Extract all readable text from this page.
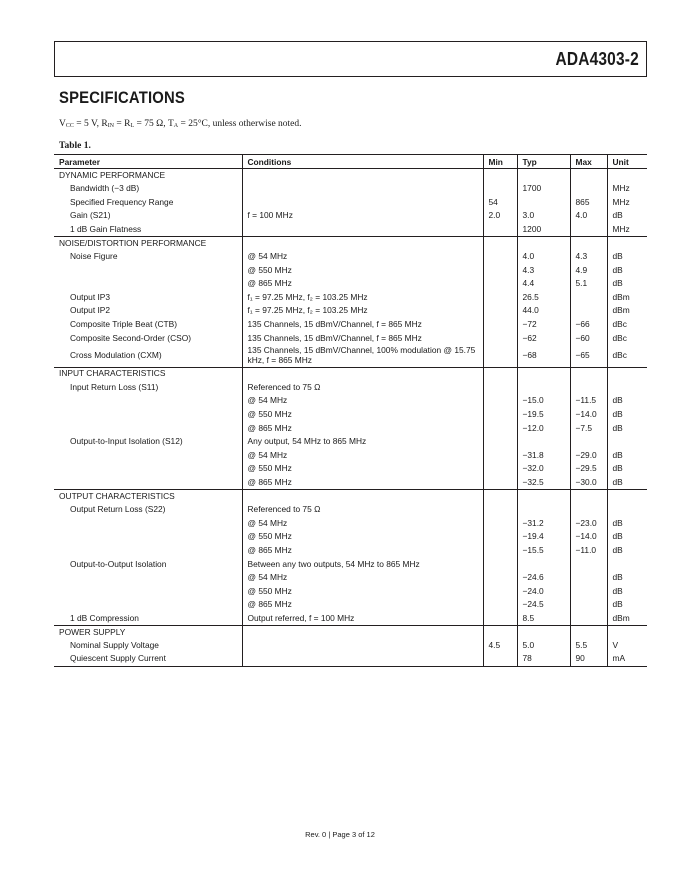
ADA4303-2
SPECIFICATIONS
$V_{CC} = 5$ V, $R_{IN} = R_L = 75$ Ω, $T_A = 25^\circ C$, unless otherwise noted.
Table 1.
Parameter	Conditions	Min	Typ	Max	Unit
DYNAMIC PERFORMANCE					
Bandwidth (−3 dB)			1700		MHz
Specified Frequency Range		54		865	MHz
Gain (S21)	f = 100 MHz	2.0	3.0	4.0	dB
1 dB Gain Flatness			1200		MHz
NOISE/DISTORTION PERFORMANCE					
Noise Figure	@ 54 MHz		4.0	4.3	dB
	@ 550 MHz		4.3	4.9	dB
	@ 865 MHz		4.4	5.1	dB
Output IP3	f₁ = 97.25 MHz, f₂ = 103.25 MHz		26.5		dBm
Output IP2	f₁ = 97.25 MHz, f₂ = 103.25 MHz		44.0		dBm
Composite Triple Beat (CTB)	135 Channels, 15 dBmV/Channel, f = 865 MHz		−72	−66	dBc
Composite Second-Order (CSO)	135 Channels, 15 dBmV/Channel, f = 865 MHz		−62	−60	dBc
Cross Modulation (CXM)	135 Channels, 15 dBmV/Channel, 100% modulation @ 15.75 kHz, f = 865 MHz		−68	−65	dBc
INPUT CHARACTERISTICS					
Input Return Loss (S11)	Referenced to 75 Ω				
	@ 54 MHz		−15.0	−11.5	dB
	@ 550 MHz		−19.5	−14.0	dB
	@ 865 MHz		−12.0	−7.5	dB
Output-to-Input Isolation (S12)	Any output, 54 MHz to 865 MHz				
	@ 54 MHz		−31.8	−29.0	dB
	@ 550 MHz		−32.0	−29.5	dB
	@ 865 MHz		−32.5	−30.0	dB
OUTPUT CHARACTERISTICS					
Output Return Loss (S22)	Referenced to 75 Ω				
	@ 54 MHz		−31.2	−23.0	dB
	@ 550 MHz		−19.4	−14.0	dB
	@ 865 MHz		−15.5	−11.0	dB
Output-to-Output Isolation	Between any two outputs, 54 MHz to 865 MHz				
	@ 54 MHz		−24.6		dB
	@ 550 MHz		−24.0		dB
	@ 865 MHz		−24.5		dB
1 dB Compression	Output referred, f = 100 MHz		8.5		dBm
POWER SUPPLY					
Nominal Supply Voltage		4.5	5.0	5.5	V
Quiescent Supply Current			78	90	mA
Rev. 0 | Page 3 of 12
